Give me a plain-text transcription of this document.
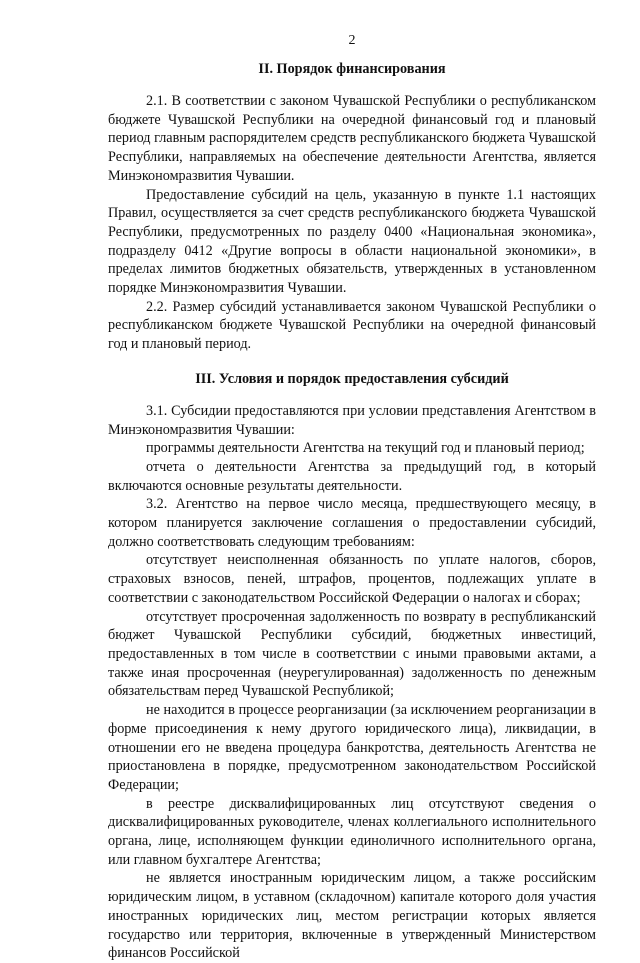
2
II. Порядок финансирования

2.1. В соответствии с законом Чувашской Республики о республиканском бюджете Чувашской Республики на очередной финансовый год и плановый период главным распорядителем средств республиканского бюджета Чувашской Республики, направляемых на обеспечение деятельности Агентства, является Минэкономразвития Чувашии.

Предоставление субсидий на цель, указанную в пункте 1.1 настоящих Правил, осуществляется за счет средств республиканского бюджета Чувашской Республики, предусмотренных по разделу 0400 «Национальная экономика», подразделу 0412 «Другие вопросы в области национальной экономики», в пределах лимитов бюджетных обязательств, утвержденных в установленном порядке Минэкономразвития Чувашии.

2.2. Размер субсидий устанавливается законом Чувашской Республики о республиканском бюджете Чувашской Республики на очередной финансовый год и плановый период.

III. Условия и порядок предоставления субсидий

3.1. Субсидии предоставляются при условии представления Агентством в Минэкономразвития Чувашии:

программы деятельности Агентства на текущий год и плановый период;

отчета о деятельности Агентства за предыдущий год, в который включаются основные результаты деятельности.

3.2. Агентство на первое число месяца, предшествующего месяцу, в котором планируется заключение соглашения о предоставлении субсидий, должно соответствовать следующим требованиям:

отсутствует неисполненная обязанность по уплате налогов, сборов, страховых взносов, пеней, штрафов, процентов, подлежащих уплате в соответствии с законодательством Российской Федерации о налогах и сборах;

отсутствует просроченная задолженность по возврату в республиканский бюджет Чувашской Республики субсидий, бюджетных инвестиций, предоставленных в том числе в соответствии с иными правовыми актами, а также иная просроченная (неурегулированная) задолженность по денежным обязательствам перед Чувашской Республикой;

не находится в процессе реорганизации (за исключением реорганизации в форме присоединения к нему другого юридического лица), ликвидации, в отношении его не введена процедура банкротства, деятельность Агентства не приостановлена в порядке, предусмотренном законодательством Российской Федерации;

в реестре дисквалифицированных лиц отсутствуют сведения о дисквалифицированных руководителе, членах коллегиального исполнительного органа, лице, исполняющем функции единоличного исполнительного органа, или главном бухгалтере Агентства;

не является иностранным юридическим лицом, а также российским юридическим лицом, в уставном (складочном) капитале которого доля участия иностранных юридических лиц, местом регистрации которых является государство или территория, включенные в утвержденный Министерством финансов Российской
